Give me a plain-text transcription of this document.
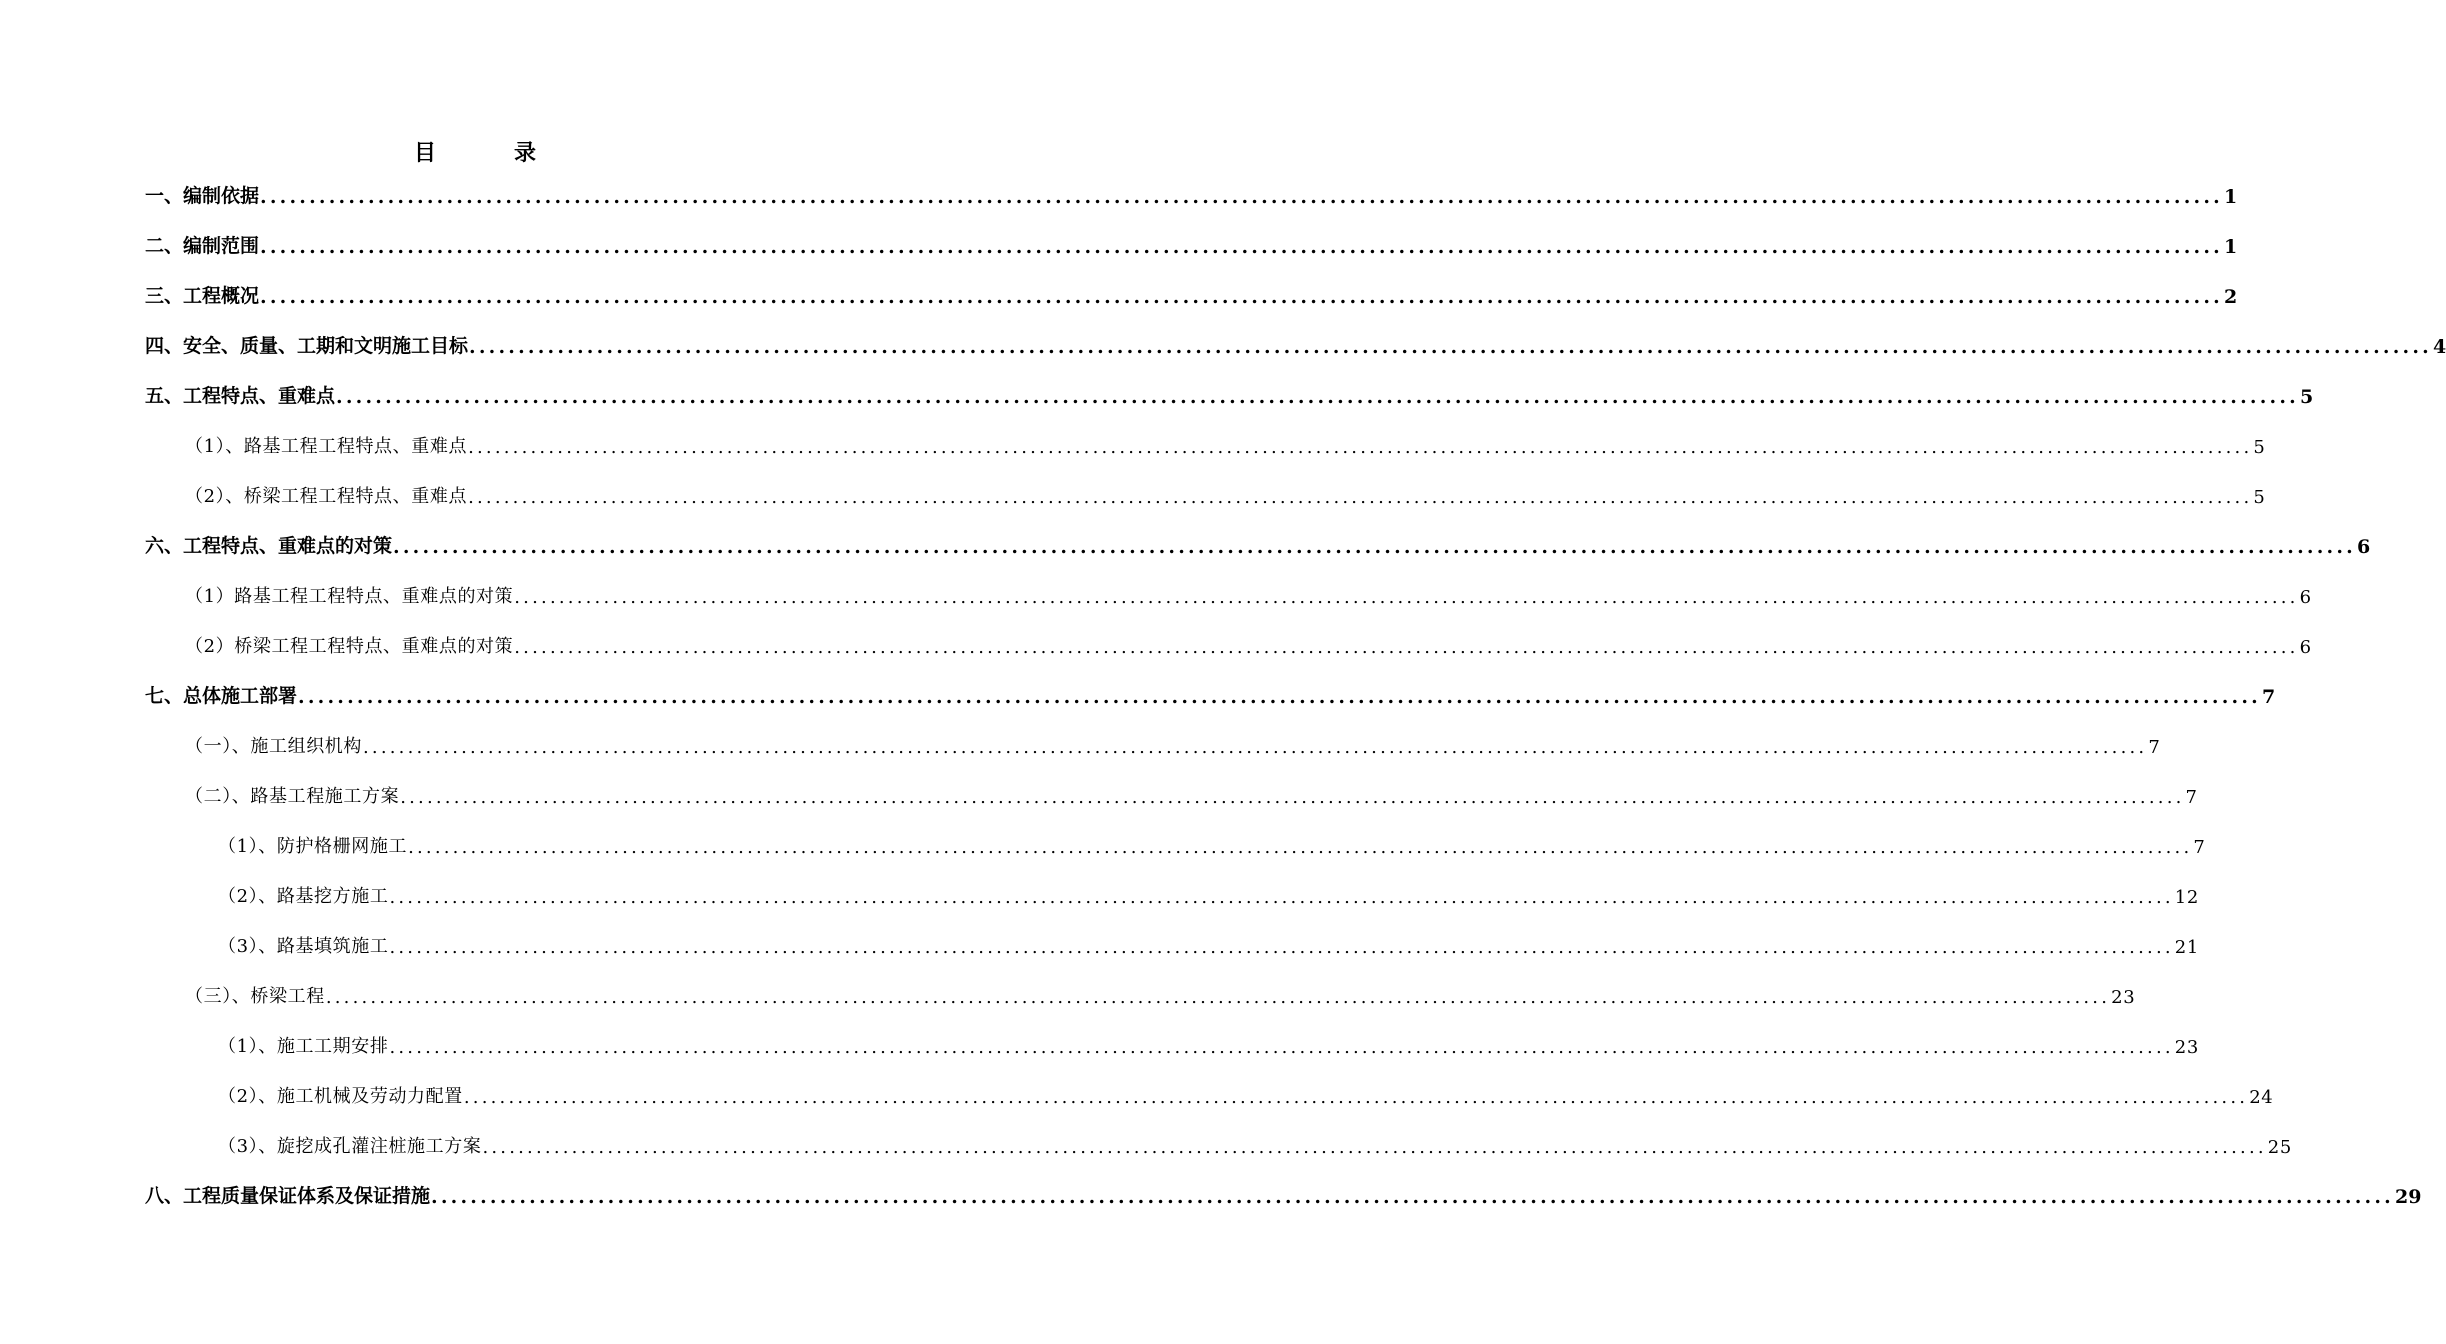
目	录
一、编制依据 ........................................................................................................................................................................................................ 1
二、编制范围 ........................................................................................................................................................................................................ 1
三、工程概况 ........................................................................................................................................................................................................ 2
四、安全、质量、工期和文明施工目标 ........................................................................................................................................................................................................ 4
五、工程特点、重难点 ........................................................................................................................................................................................................ 5
（1）、路基工程工程特点、重难点 ........................................................................................................................................................................................................ 5
（2）、桥梁工程工程特点、重难点 ........................................................................................................................................................................................................ 5
六、工程特点、重难点的对策 ........................................................................................................................................................................................................ 6
（1）路基工程工程特点、重难点的对策 ........................................................................................................................................................................................................ 6
（2）桥梁工程工程特点、重难点的对策 ........................................................................................................................................................................................................ 6
七、总体施工部署 ........................................................................................................................................................................................................ 7
（一）、施工组织机构 ........................................................................................................................................................................................................ 7
（二）、路基工程施工方案 ........................................................................................................................................................................................................ 7
（1）、防护格栅网施工 ........................................................................................................................................................................................................ 7
（2）、路基挖方施工 ........................................................................................................................................................................................................ 12
（3）、路基填筑施工 ........................................................................................................................................................................................................ 21
（三）、桥梁工程 ........................................................................................................................................................................................................ 23
（1）、施工工期安排 ........................................................................................................................................................................................................ 23
（2）、施工机械及劳动力配置 ........................................................................................................................................................................................................ 24
（3）、旋挖成孔灌注桩施工方案 ........................................................................................................................................................................................................ 25
八、工程质量保证体系及保证措施 ........................................................................................................................................................................................................ 29
